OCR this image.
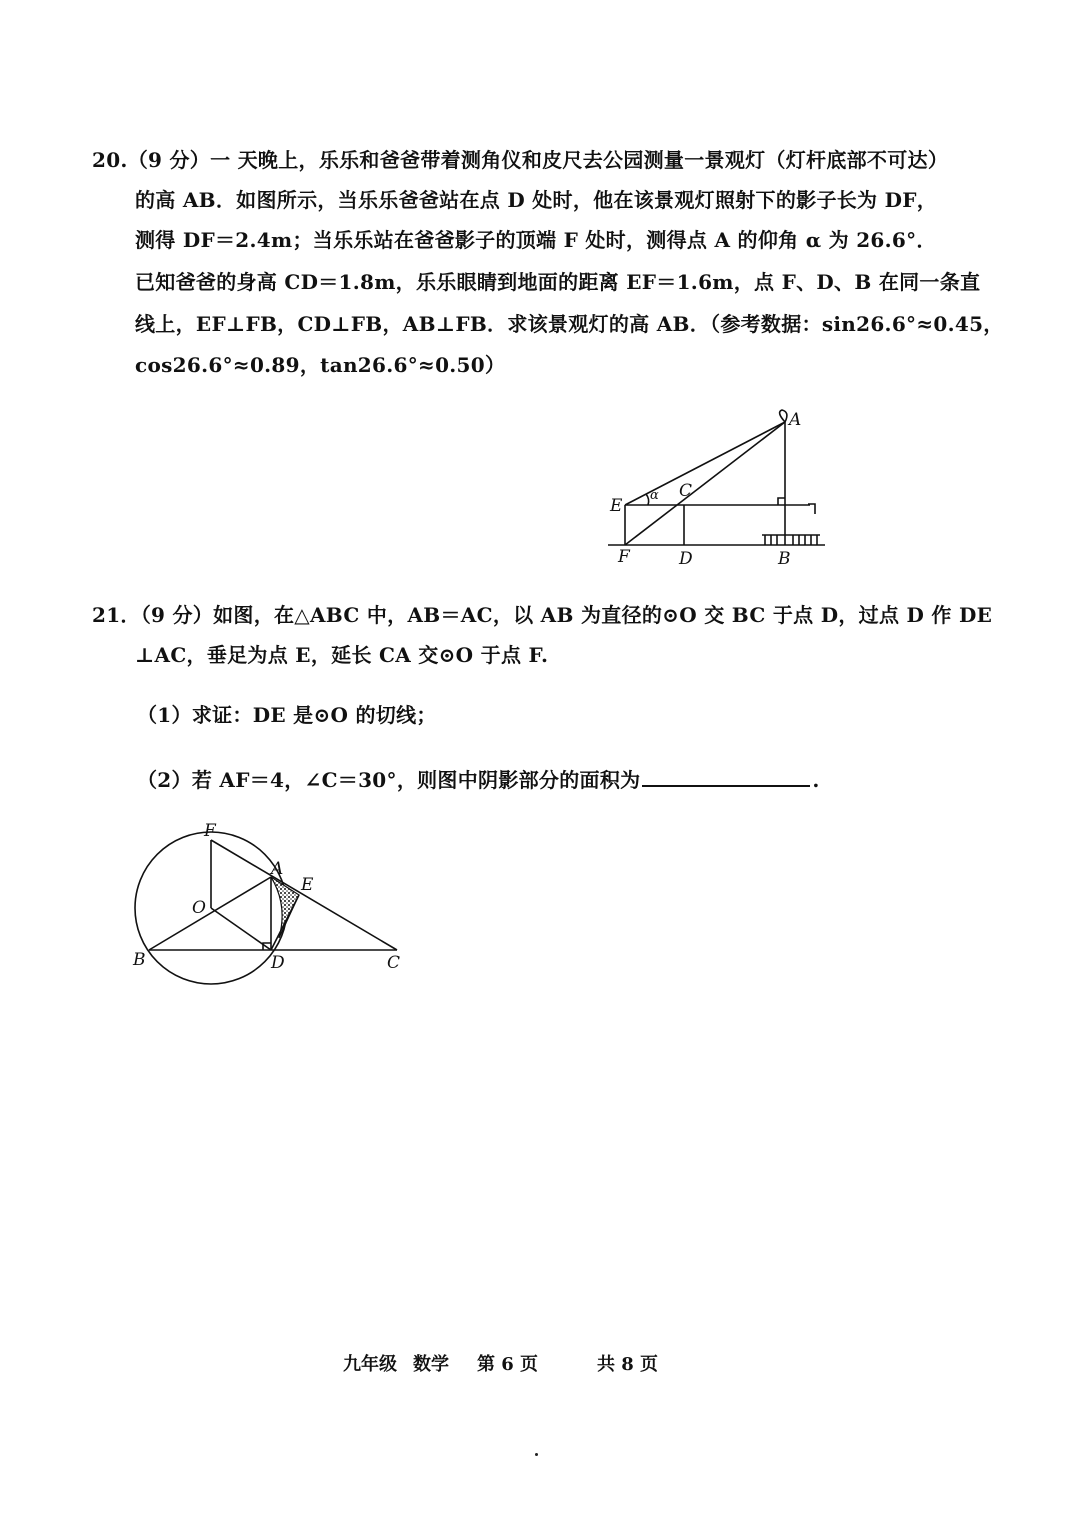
20.（9 分）一 天晚上，乐乐和爸爸带着测角仪和皮尺去公园测量一景观灯（灯杆底部不可达）
的高 AB．如图所示，当乐乐爸爸站在点 D 处时，他在该景观灯照射下的影子长为 DF，
测得 DF＝2.4m；当乐乐站在爸爸影子的顶端 F 处时，测得点 A 的仰角 α 为 26.6°．
已知爸爸的身高 CD＝1.8m，乐乐眼睛到地面的距离 EF＝1.6m，点 F、D、B 在同一条直
线上，EF⊥FB，CD⊥FB，AB⊥FB．求该景观灯的高 AB．（参考数据：sin26.6°≈0.45，
cos26.6°≈0.89，tan26.6°≈0.50）
A
E
α C
F	D	B
21．（9 分）如图，在△ABC 中，AB＝AC，以 AB 为直径的⊙O 交 BC 于点 D，过点 D 作 DE
⊥AC，垂足为点 E，延长 CA 交⊙O 于点 F.
（1）求证：DE 是⊙O 的切线；
（2）若 AF＝4，∠C＝30°，则图中阴影部分的面积为	.
F
A
E
O
B	D	C
九年级 数学 第 6 页	共 8 页
